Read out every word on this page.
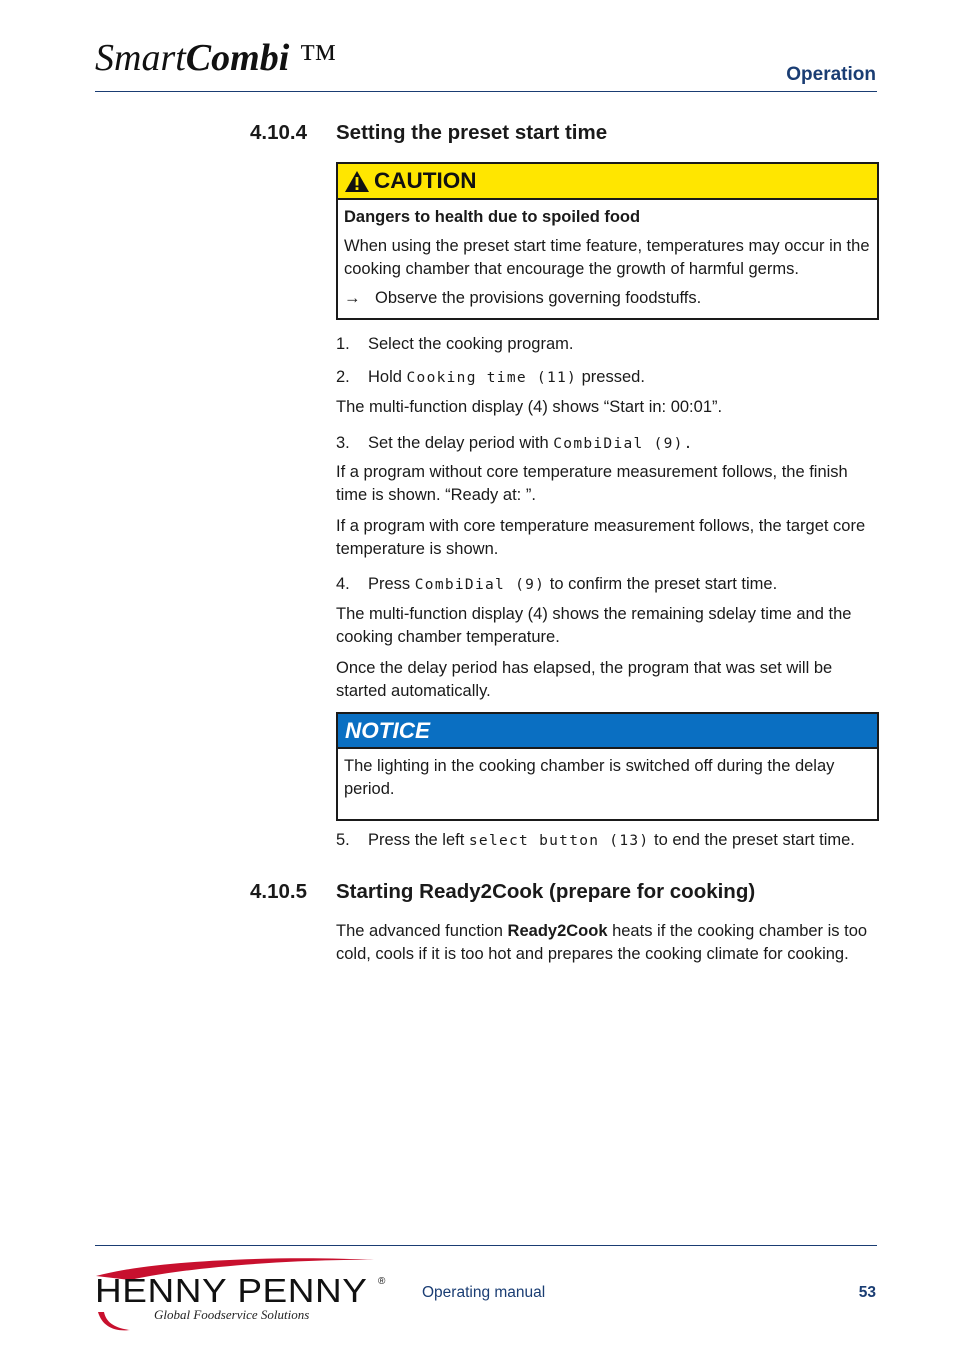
SmartCombi ™	Operation
4.10.4 Setting the preset start time
CAUTION

Dangers to health due to spoiled food

When using the preset start time feature, temperatures may occur in the cooking chamber that encourage the growth of harmful germs.

→ Observe the provisions governing foodstuffs.

1. Select the cooking program.
2. Hold Cooking time (11) pressed.

The multi-function display (4) shows “Start in: 00:01”.

3. Set the delay period with CombiDial (9).

If a program without core temperature measurement follows, the finish time is shown. “Ready at: ”.

If a program with core temperature measurement follows, the target core temperature is shown.

4. Press CombiDial (9) to confirm the preset start time.

The multi-function display (4) shows the remaining sdelay time and the cooking chamber temperature.

Once the delay period has elapsed, the program that was set will be started automatically.

NOTICE

The lighting in the cooking chamber is switched off during the delay period.

5. Press the left select button (13) to end the preset start time.
4.10.5 Starting Ready2Cook (prepare for cooking)

The advanced function Ready2Cook heats if the cooking chamber is too cold, cools if it is too hot and prepares the cooking climate for cooking.

HENNY PENNY ®
Global Foodservice Solutions
Operating manual	53
